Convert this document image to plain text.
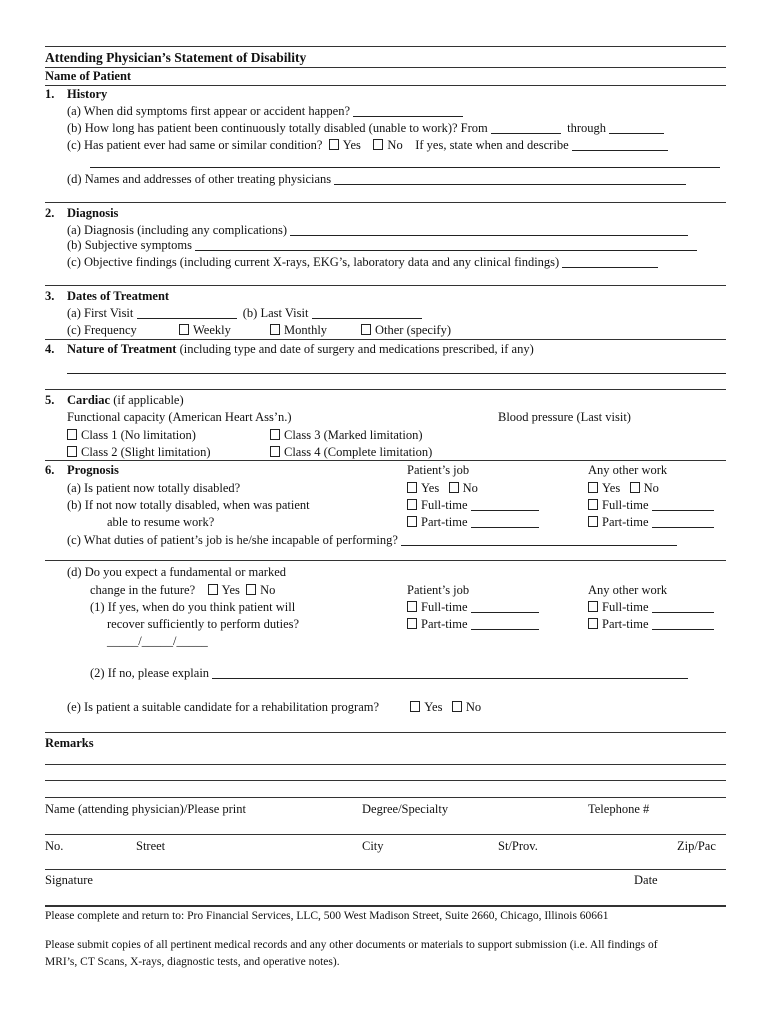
Attending Physician’s Statement of Disability
Name of Patient
1. History
(a) When did symptoms first appear or accident happen?
(b) How long has patient been continuously totally disabled (unable to work)? From	through
(c) Has patient ever had same or similar condition? Yes No If yes, state when and describe
(d) Names and addresses of other treating physicians
2. Diagnosis
(a) Diagnosis (including any complications)
(b) Subjective symptoms
(c) Objective findings (including current X-rays, EKG’s, laboratory data and any clinical findings)
3. Dates of Treatment
(a) First Visit	(b) Last Visit
(c) Frequency	Weekly	Monthly	Other (specify)
4. Nature of Treatment (including type and date of surgery and medications prescribed, if any)
5. Cardiac (if applicable)
Functional capacity (American Heart Ass’n.)	Blood pressure (Last visit)
Class 1 (No limitation)	Class 3 (Marked limitation)
Class 2 (Slight limitation)	Class 4 (Complete limitation)
6. Prognosis	Patient’s job	Any other work
(a) Is patient now totally disabled?	Yes No	Yes No
(b) If not now totally disabled, when was patient	Full-time	Full-time
able to resume work?	Part-time	Part-time
(c) What duties of patient’s job is he/she incapable of performing?
(d) Do you expect a fundamental or marked
change in the future? Yes No	Patient’s job	Any other work
(1) If yes, when do you think patient will	Full-time	Full-time
recover sufficiently to perform duties?	Part-time	Part-time
_____/_____/_____
(2) If no, please explain
(e) Is patient a suitable candidate for a rehabilitation program?	Yes No
Remarks
Name (attending physician)/Please print	Degree/Specialty	Telephone #
No.	Street	City	St/Prov.	Zip/Pac
Signature	Date
Please complete and return to: Pro Financial Services, LLC, 500 West Madison Street, Suite 2660, Chicago, Illinois 60661
Please submit copies of all pertinent medical records and any other documents or materials to support submission (i.e. All findings of
MRI’s, CT Scans, X-rays, diagnostic tests, and operative notes).
